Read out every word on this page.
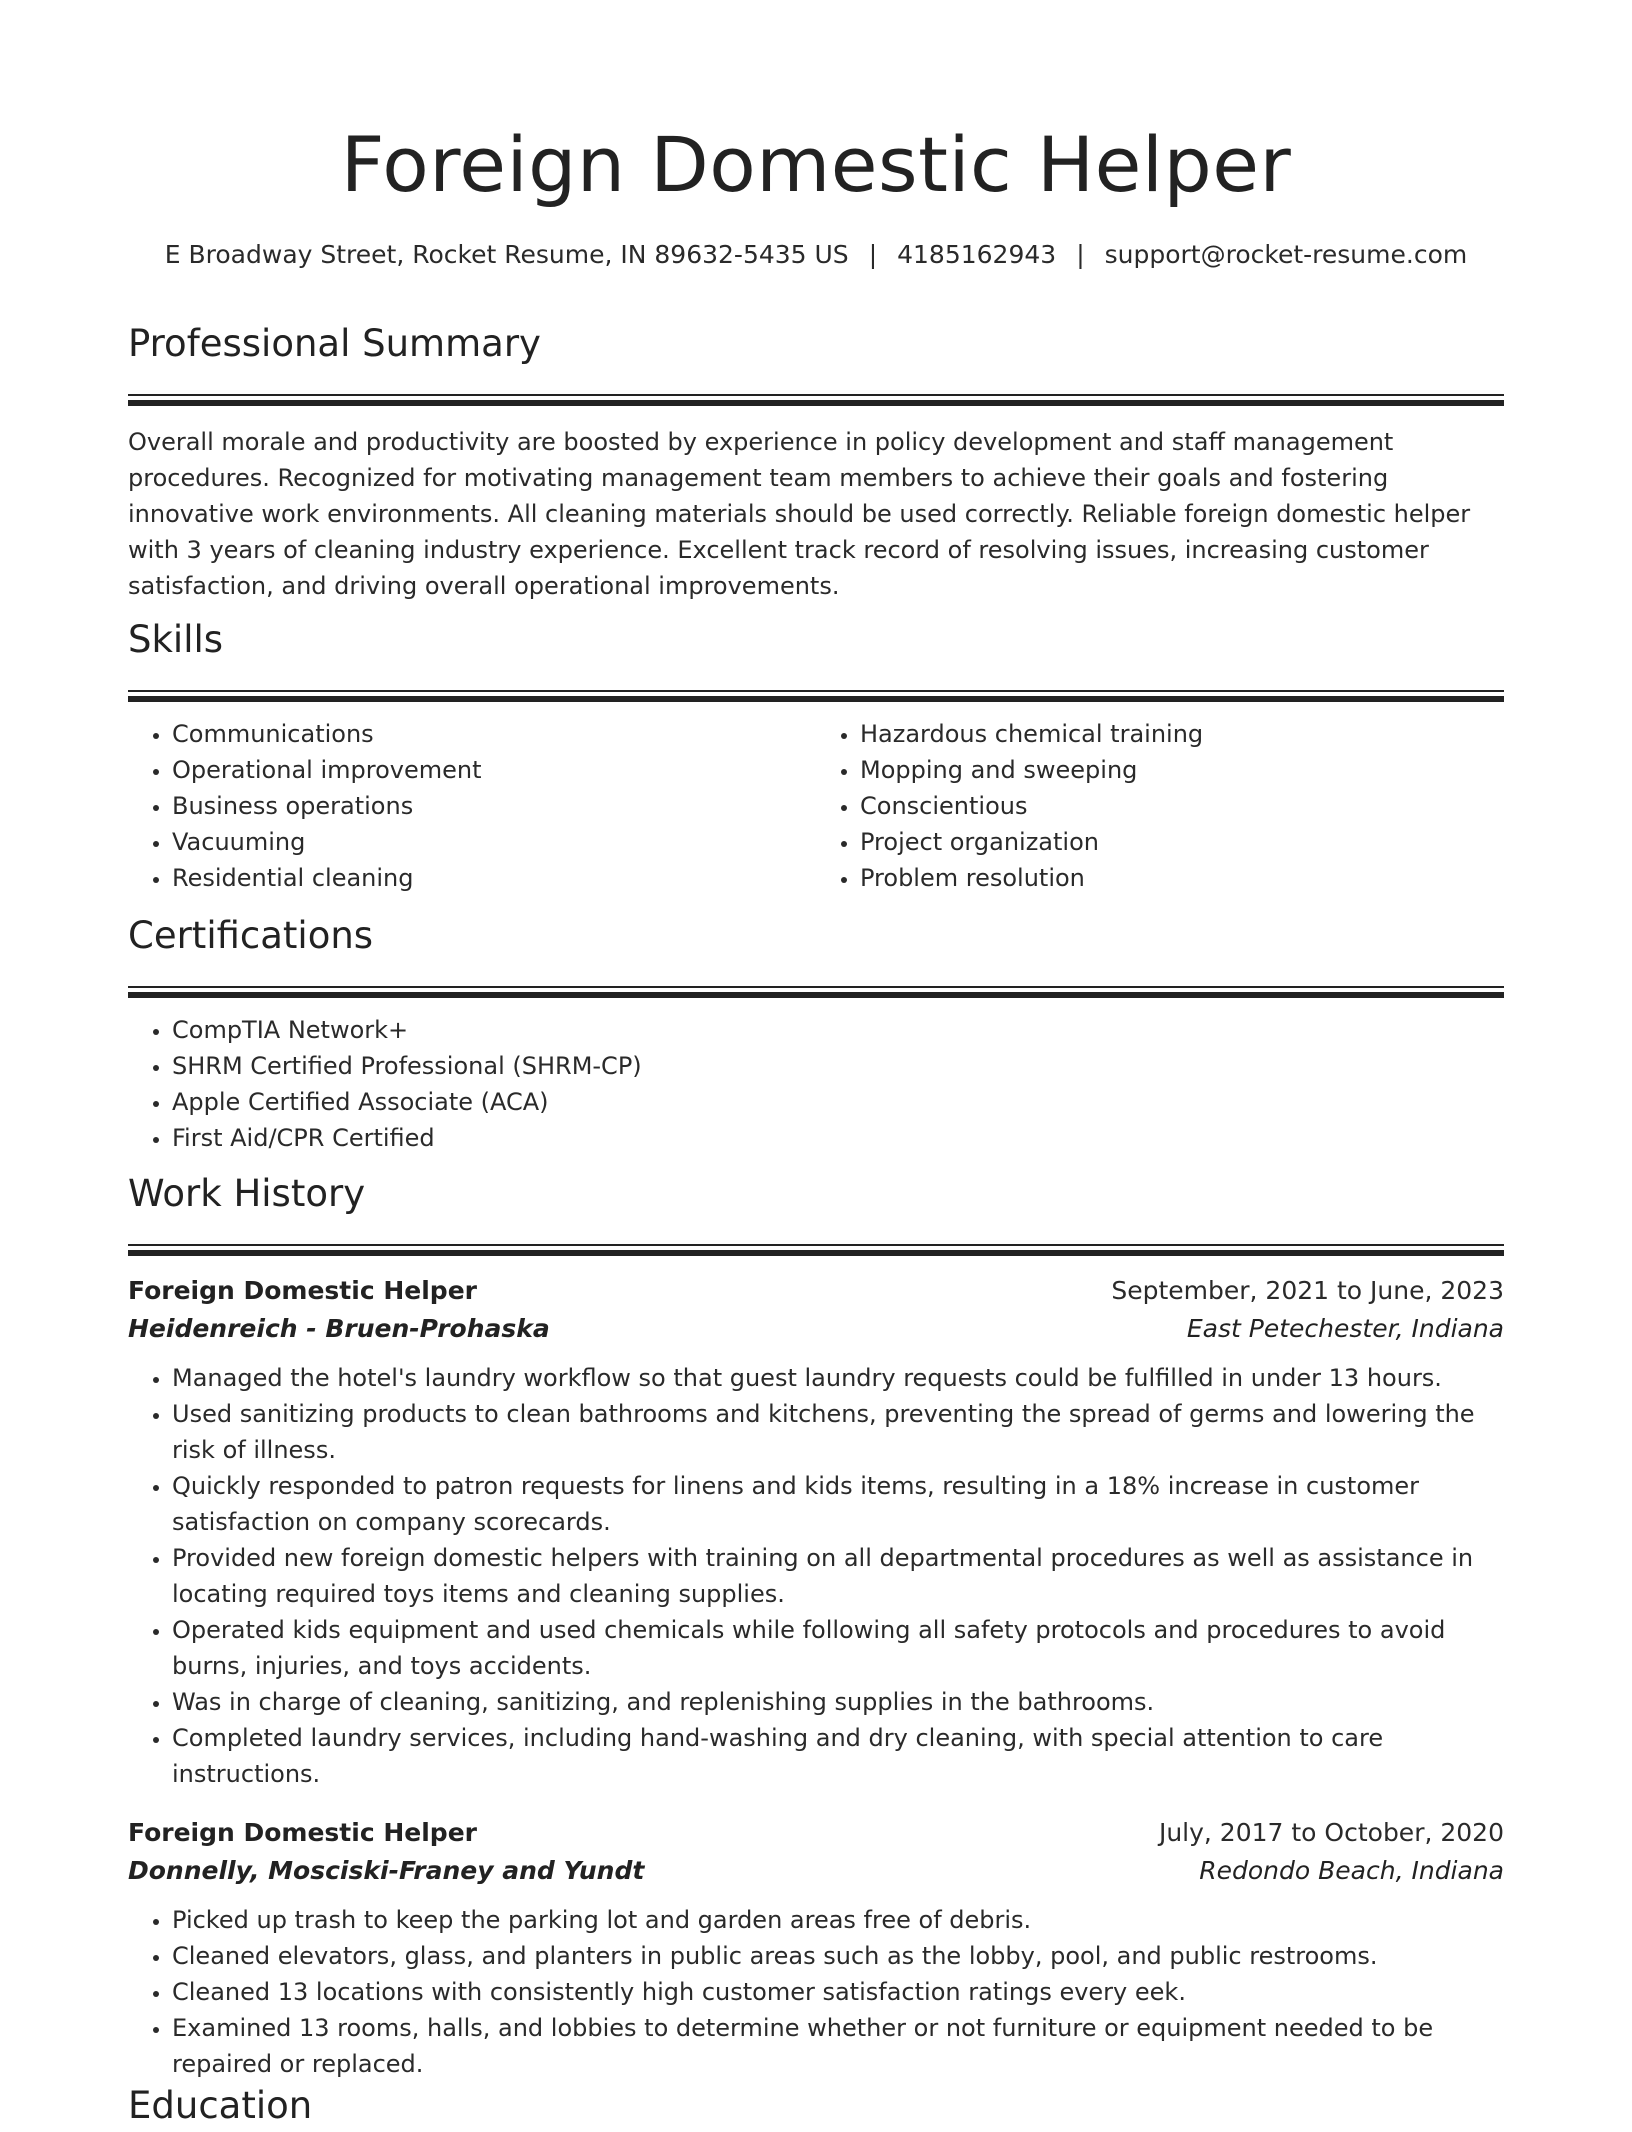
Foreign Domestic Helper
E Broadway Street, Rocket Resume, IN 89632-5435 US | 4185162943 | support@rocket-resume.com
Professional Summary

Overall morale and productivity are boosted by experience in policy development and staff management procedures. Recognized for motivating management team members to achieve their goals and fostering innovative work environments. All cleaning materials should be used correctly. Reliable foreign domestic helper with 3 years of cleaning industry experience. Excellent track record of resolving issues, increasing customer satisfaction, and driving overall operational improvements.

Skills
• Communications
• Operational improvement
• Business operations
• Vacuuming
• Residential cleaning
• Hazardous chemical training
• Mopping and sweeping
• Conscientious
• Project organization
• Problem resolution
Certifications
• CompTIA Network+
• SHRM Certified Professional (SHRM-CP)
• Apple Certified Associate (ACA)
• First Aid/CPR Certified
Work History
Foreign Domestic Helper	September, 2021 to June, 2023
Heidenreich - Bruen-Prohaska	East Petechester, Indiana
• Managed the hotel's laundry workflow so that guest laundry requests could be fulfilled in under 13 hours.
• Used sanitizing products to clean bathrooms and kitchens, preventing the spread of germs and lowering the risk of illness.
• Quickly responded to patron requests for linens and kids items, resulting in a 18% increase in customer satisfaction on company scorecards.
• Provided new foreign domestic helpers with training on all departmental procedures as well as assistance in locating required toys items and cleaning supplies.
• Operated kids equipment and used chemicals while following all safety protocols and procedures to avoid burns, injuries, and toys accidents.
• Was in charge of cleaning, sanitizing, and replenishing supplies in the bathrooms.
• Completed laundry services, including hand-washing and dry cleaning, with special attention to care instructions.
Foreign Domestic Helper	July, 2017 to October, 2020
Donnelly, Mosciski-Franey and Yundt	Redondo Beach, Indiana
• Picked up trash to keep the parking lot and garden areas free of debris.
• Cleaned elevators, glass, and planters in public areas such as the lobby, pool, and public restrooms.
• Cleaned 13 locations with consistently high customer satisfaction ratings every eek.
• Examined 13 rooms, halls, and lobbies to determine whether or not furniture or equipment needed to be repaired or replaced.
Education
